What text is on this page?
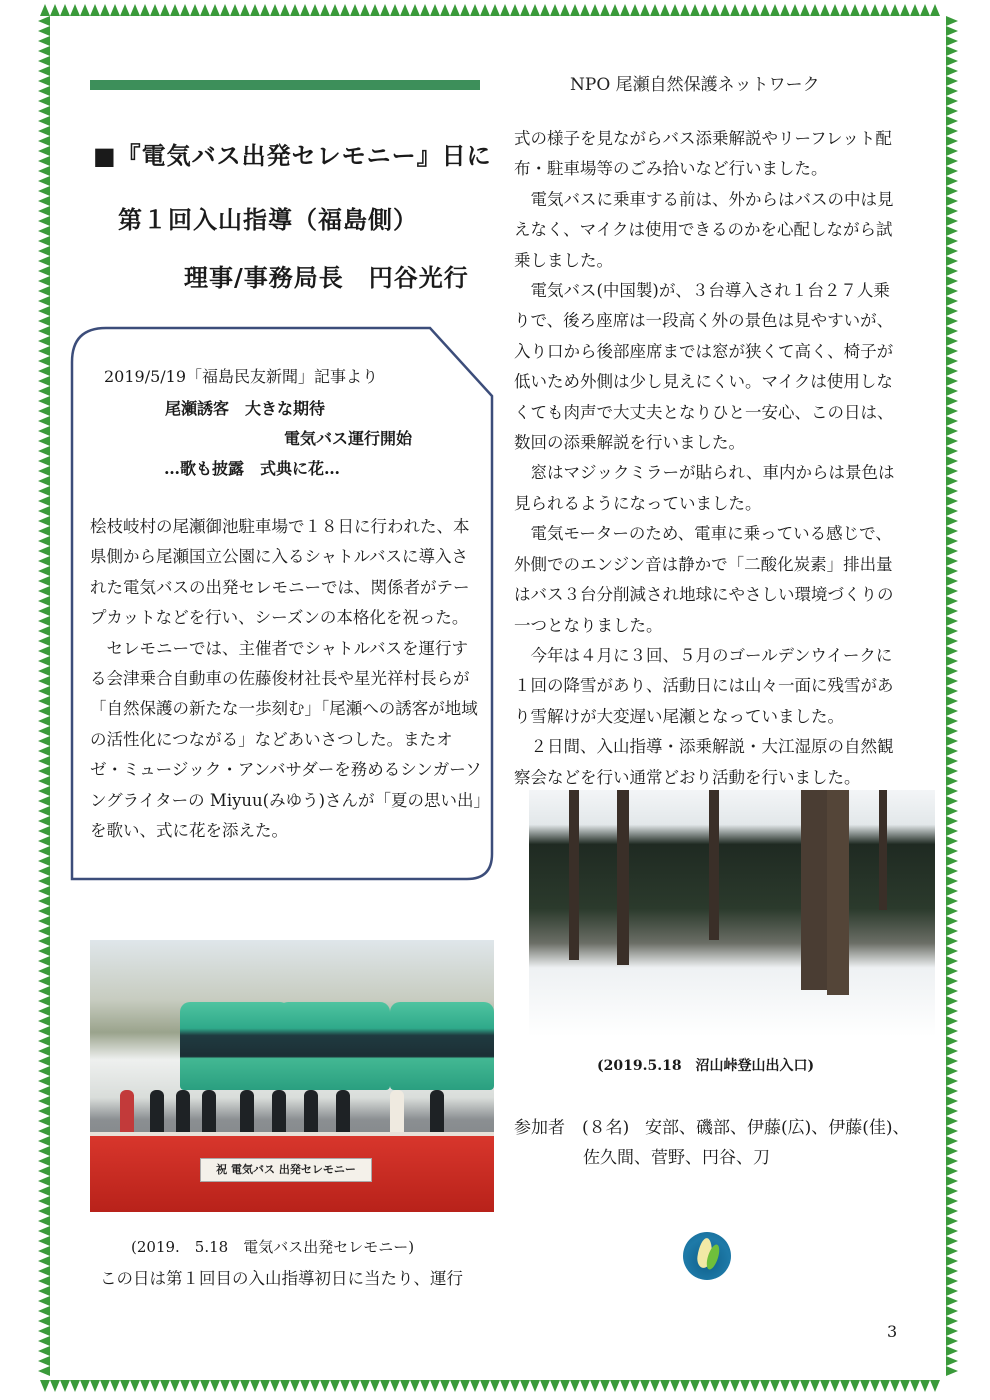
NPO 尾瀬自然保護ネットワーク
■『電気バス出発セレモニー』日に
第１回入山指導（福島側）
理事/事務局長　円谷光行
2019/5/19「福島民友新聞」記事より
尾瀬誘客　大きな期待
電気バス運行開始
…歌も披露　式典に花…

桧枝岐村の尾瀬御池駐車場で１８日に行われた、本県側から尾瀬国立公園に入るシャトルバスに導入された電気バスの出発セレモニーでは、関係者がテープカットなどを行い、シーズンの本格化を祝った。

　セレモニーでは、主催者でシャトルバスを運行する会津乗合自動車の佐藤俊材社長や星光祥村長らが「自然保護の新たな一歩刻む」「尾瀬への誘客が地域の活性化につながる」などあいさつした。またオゼ・ミュージック・アンバサダーを務めるシンガーソングライターの Miyuu(みゆう)さんが「夏の思い出」を歌い、式に花を添えた。

祝 電気バス 出発セレモニー
(2019.　5.18　電気バス出発セレモニー)
この日は第１回目の入山指導初日に当たり、運行

式の様子を見ながらバス添乗解説やリーフレット配布・駐車場等のごみ拾いなど行いました。

　電気バスに乗車する前は、外からはバスの中は見えなく、マイクは使用できるのかを心配しながら試乗しました。

　電気バス(中国製)が、３台導入され１台２７人乗りで、後ろ座席は一段高く外の景色は見やすいが、入り口から後部座席までは窓が狭くて高く、椅子が低いため外側は少し見えにくい。マイクは使用しなくても肉声で大丈夫となりひと一安心、この日は、数回の添乗解説を行いました。

　窓はマジックミラーが貼られ、車内からは景色は見られるようになっていました。

　電気モーターのため、電車に乗っている感じで、外側でのエンジン音は静かで「二酸化炭素」排出量はバス３台分削減され地球にやさしい環境づくりの一つとなりました。

　今年は４月に３回、５月のゴールデンウイークに１回の降雪があり、活動日には山々一面に残雪があり雪解けが大変遅い尾瀬となっていました。

　２日間、入山指導・添乗解説・大江湿原の自然観察会などを行い通常どおり活動を行いました。

(2019.5.18　沼山峠登山出入口)
参加者　(８名) 安部、磯部、伊藤(広)、伊藤(佳)、
佐久間、菅野、円谷、刀
3
